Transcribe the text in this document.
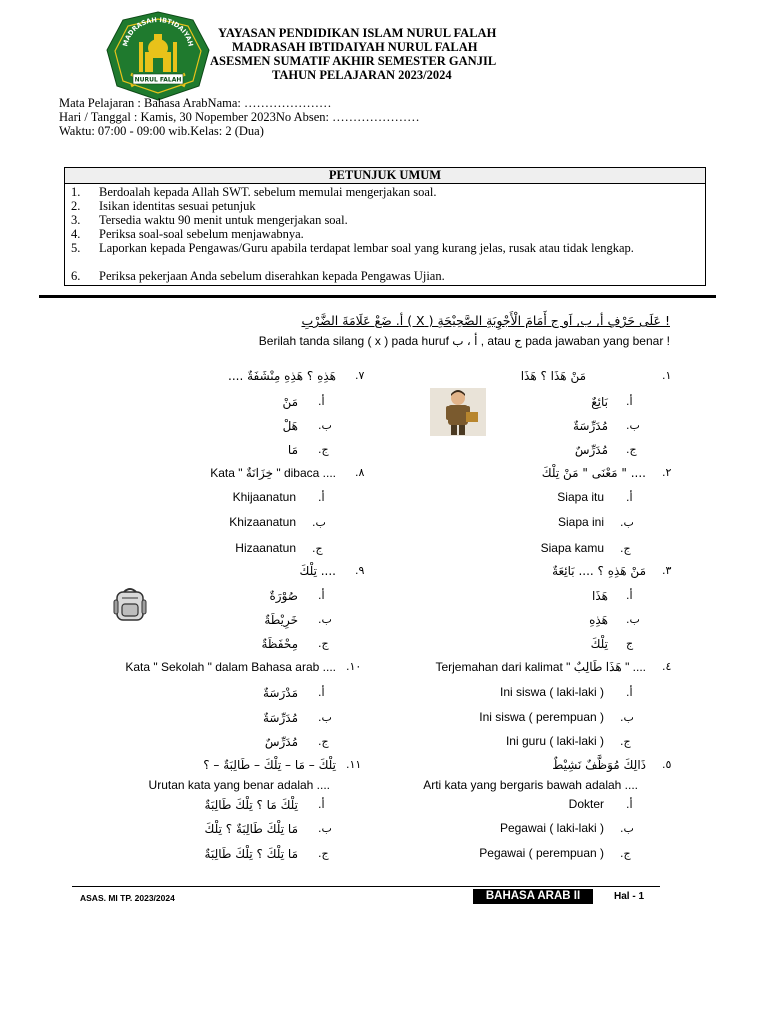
MADRASAH IBTIDAIYAH
NURUL FALAH
YAYASAN PENDIDIKAN ISLAM NURUL FALAH
MADRASAH IBTIDAIYAH NURUL FALAH
ASESMEN SUMATIF AKHIR SEMESTER GANJIL
TAHUN PELAJARAN 2023/2024
Mata Pelajaran : Bahasa ArabNama: …………………
Hari / Tanggal : Kamis, 30 Nopember 2023No Absen: …………………
Waktu: 07:00 - 09:00 wib.Kelas: 2 (Dua)
PETUNJUK UMUM
1. Berdoalah kepada Allah SWT. sebelum memulai mengerjakan soal.
2. Isikan identitas sesuai petunjuk
3. Tersedia waktu 90 menit untuk mengerjakan soal.
4. Periksa soal-soal sebelum menjawabnya.
5. Laporkan kepada Pengawas/Guru apabila terdapat lembar soal yang kurang jelas, rusak atau tidak lengkap.
6. Periksa pekerjaan Anda sebelum diserahkan kepada Pengawas Ujian.
! عَلَى حَرْفِ أ, ب, اَو ج أَمَامَ الْأَجْوِبَةِ الصَّحِيْحَةِ ( X ) أ. ضَعْ عَلَامَةَ الضَّرْبِ
Berilah tanda silang ( x ) pada huruf أ ، ب , atau ج pada jawaban yang benar !
١.
مَنْ هَذَا ؟ هَذَا
أ.
بَائِعٌ
ب.
مُدَرِّسَةٌ
ج.
مُدَرِّسٌ
٢.
.... " مَعْنَى " مَنْ تِلْكَ
أ.
Siapa itu
ب.
Siapa ini
ج.
Siapa kamu
٣.
مَنْ هَذِهِ ؟ .... بَائِعَةٌ
أ.
هَذَا
ب.
هَذِهِ
ج
تِلْكَ
٤.
Terjemahan dari kalimat " هَذَا طَالِبٌ " ....
أ.
Ini siswa ( laki-laki )
ب.
Ini siswa ( perempuan )
ج.
Ini guru ( laki-laki )
٥.
ذَالِكَ مُوَظَّفٌ نَشِيْطٌ
Arti kata yang bergaris bawah adalah ....
أ.
Dokter
ب.
Pegawai ( laki-laki )
ج.
Pegawai ( perempuan )
٧.
هَذِهِ ؟ هَذِهِ مِنْشَفَةٌ ....
أ.
مَنْ
ب.
هَلْ
ج.
مَا
٨.
Kata " خِزَانَةٌ " dibaca ....
أ.
Khijaanatun
ب.
Khizaanatun
ج.
Hizaanatun
٩.
.... تِلْكَ
أ.
صُوْرَةٌ
ب.
خَرِيْطَةٌ
ج.
مِحْفَظَةٌ
١٠.
Kata " Sekolah " dalam Bahasa arab ....
أ.
مَدْرَسَةٌ
ب.
مُدَرِّسَةٌ
ج.
مُدَرِّسٌ
١١.
تِلْكَ – مَا – تِلْكَ – طَالِبَةٌ – ؟
Urutan kata yang benar adalah ....
أ.
تِلْكَ مَا ؟ تِلْكَ طَالِبَةٌ
ب.
مَا تِلْكَ طَالِبَةٌ ؟ تِلْكَ
ج.
مَا تِلْكَ ؟ تِلْكَ طَالِبَةٌ
ASAS. MI TP. 2023/2024	BAHASA ARAB II	Hal - 1
